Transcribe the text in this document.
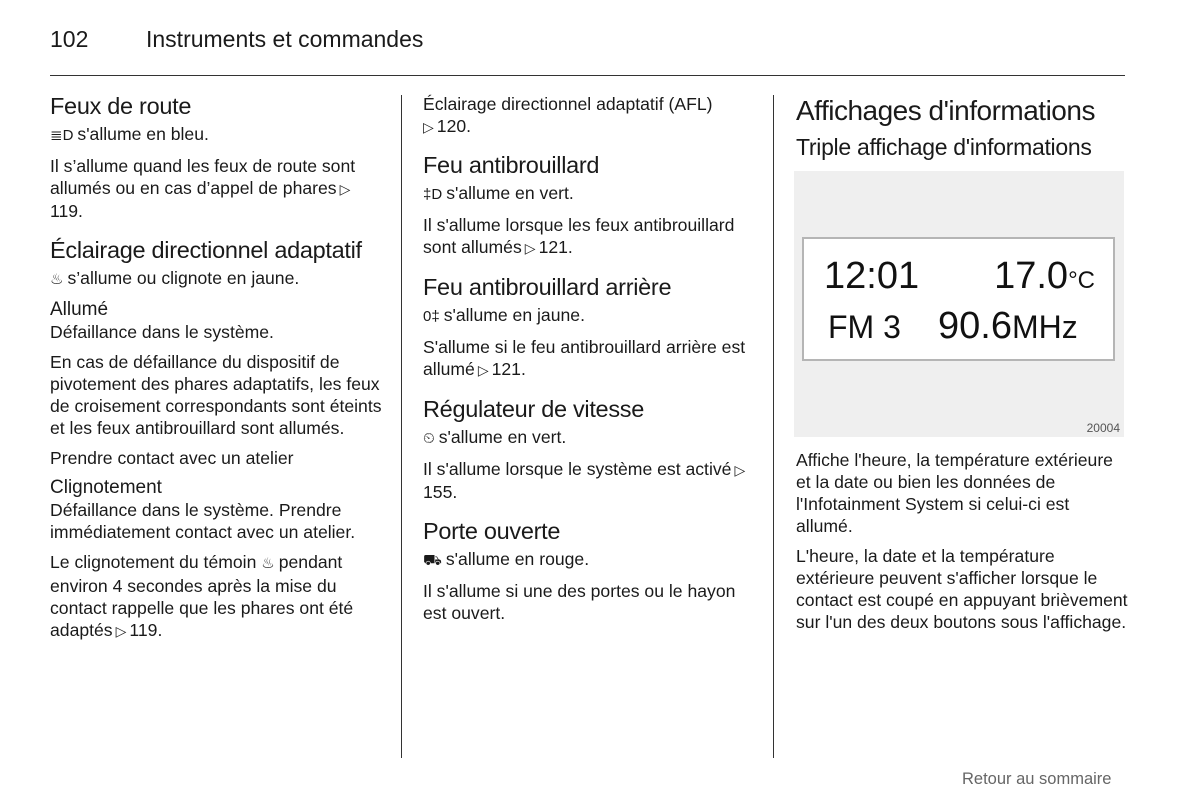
102	Instruments et commandes
Feux de route

≣D s'allume en bleu.

Il s’allume quand les feux de route sont allumés ou en cas d’appel de phares ▷119.

Éclairage directionnel adaptatif

♨ s’allume ou clignote en jaune.

Allumé

Défaillance dans le système.

En cas de défaillance du dispositif de pivotement des phares adaptatifs, les feux de croisement correspondants sont éteints et les feux antibrouillard sont allumés.

Prendre contact avec un atelier

Clignotement

Défaillance dans le système. Prendre immédiatement contact avec un atelier.

Le clignotement du témoin ♨ pendant environ 4 secondes après la mise du contact rappelle que les phares ont été adaptés ▷ 119.

Éclairage directionnel adaptatif (AFL)
▷ 120.

Feu antibrouillard

‡D s'allume en vert.

Il s'allume lorsque les feux antibrouillard sont allumés ▷ 121.

Feu antibrouillard arrière

0‡ s'allume en jaune.

S'allume si le feu antibrouillard arrière est allumé ▷ 121.

Régulateur de vitesse

⏲ s'allume en vert.

Il s'allume lorsque le système est activé ▷155.

Porte ouverte

⛟ s'allume en rouge.

Il s'allume si une des portes ou le hayon est ouvert.

Affichages d'informations

Triple affichage d'informations

12:01 17.0°C
FM 3 90.6MHz
20004

Affiche l'heure, la température extérieure et la date ou bien les données de l'Infotainment System si celui-ci est allumé.

L'heure, la date et la température extérieure peuvent s'afficher lorsque le contact est coupé en appuyant brièvement sur l'un des deux boutons sous l'affichage.

Retour au sommaire
